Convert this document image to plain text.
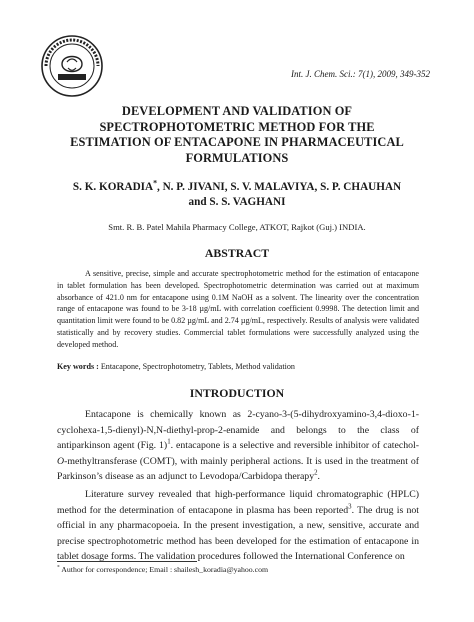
Int. J. Chem. Sci.: 7(1), 2009, 349-352
DEVELOPMENT AND VALIDATION OF
SPECTROPHOTOMETRIC METHOD FOR THE
ESTIMATION OF ENTACAPONE IN PHARMACEUTICAL
FORMULATIONS
S. K. KORADIA*, N. P. JIVANI, S. V. MALAVIYA, S. P. CHAUHAN
and S. S. VAGHANI
Smt. R. B. Patel Mahila Pharmacy College, ATKOT, Rajkot (Guj.) INDIA.
ABSTRACT

A sensitive, precise, simple and accurate spectrophotometric method for the estimation of entacapone in tablet formulation has been developed. Spectrophotometric determination was carried out at maximum absorbance of 421.0 nm for entacapone using 0.1M NaOH as a solvent. The linearity over the concentration range of entacapone was found to be 3-18 µg/mL with correlation coefficient 0.9998. The detection limit and quantitation limit were found to be 0.82 µg/mL and 2.74 µg/mL, respectively. Results of analysis were validated statistically and by recovery studies. Commercial tablet formulations were successfully analyzed using the developed method.

Key words : Entacapone, Spectrophotometry, Tablets, Method validation
INTRODUCTION

Entacapone is chemically known as 2-cyano-3-(5-dihydroxyamino-3,4-dioxo-1-cyclohexa-1,5-dienyl)-N,N-diethyl-prop-2-enamide and belongs to the class of antiparkinson agent (Fig. 1)$^1$. entacapone is a selective and reversible inhibitor of catechol-O-methyltransferase (COMT), with mainly peripheral actions. It is used in the treatment of Parkinson’s disease as an adjunct to Levodopa/Carbidopa therapy$^2$.

Literature survey revealed that high-performance liquid chromatographic (HPLC) method for the determination of entacapone in plasma has been reported$^3$. The drug is not official in any pharmacopoeia. In the present investigation, a new, sensitive, accurate and precise spectrophotometric method has been developed for the estimation of entacapone in tablet dosage forms. The validation procedures followed the International Conference on

* Author for correspondence; Email : shailesh_koradia@yahoo.com
